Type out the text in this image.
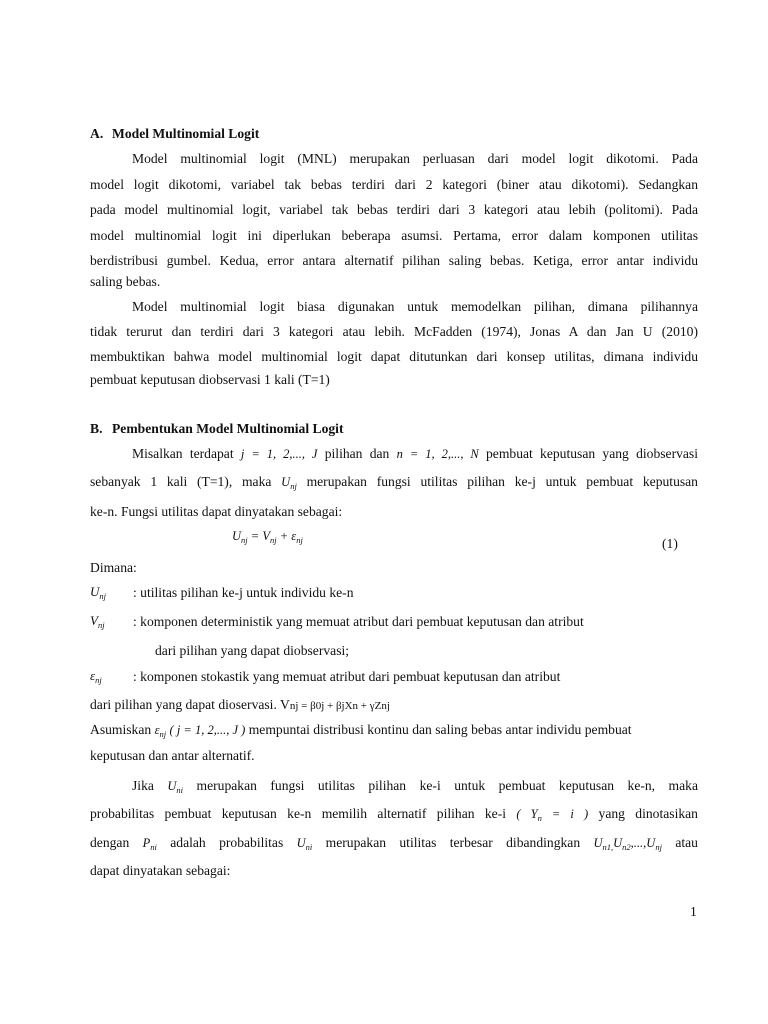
A. Model Multinomial Logit
Model multinomial logit (MNL) merupakan perluasan dari model logit dikotomi. Pada
model logit dikotomi, variabel tak bebas terdiri dari 2 kategori (biner atau dikotomi). Sedangkan
pada model multinomial logit, variabel tak bebas terdiri dari 3 kategori atau lebih (politomi). Pada
model multinomial logit ini diperlukan beberapa asumsi. Pertama, error dalam komponen utilitas
berdistribusi gumbel. Kedua, error antara alternatif pilihan saling bebas. Ketiga, error antar individu
saling bebas.
Model multinomial logit biasa digunakan untuk memodelkan pilihan, dimana pilihannya
tidak terurut dan terdiri dari 3 kategori atau lebih. McFadden (1974), Jonas A dan Jan U (2010)
membuktikan bahwa model multinomial logit dapat ditutunkan dari konsep utilitas, dimana individu
pembuat keputusan diobservasi 1 kali (T=1)
B. Pembentukan Model Multinomial Logit
Misalkan terdapat j = 1, 2,..., J pilihan dan n = 1, 2,..., N pembuat keputusan yang diobservasi
sebanyak 1 kali (T=1), maka $U_{nj}$ merupakan fungsi utilitas pilihan ke-j untuk pembuat keputusan
ke-n. Fungsi utilitas dapat dinyatakan sebagai:
$U_{nj} = V_{nj} + \varepsilon_{nj}$	(1)
Dimana:
$U_{nj}$ : utilitas pilihan ke-j untuk individu ke-n
$V_{nj}$ : komponen deterministik yang memuat atribut dari pembuat keputusan dan atribut
dari pilihan yang dapat diobservasi;
$\varepsilon_{nj}$ : komponen stokastik yang memuat atribut dari pembuat keputusan dan atribut
dari pilihan yang dapat dioservasi. Vnj = β0j + βjXn + γZnj
Asumiskan $\varepsilon_{nj}$ ( j = 1, 2,..., J ) mempuntai distribusi kontinu dan saling bebas antar individu pembuat
keputusan dan antar alternatif.
Jika $U_{ni}$ merupakan fungsi utilitas pilihan ke-i untuk pembuat keputusan ke-n, maka
probabilitas pembuat keputusan ke-n memilih alternatif pilihan ke-i ( $Y_n = i$ ) yang dinotasikan
dengan $P_{ni}$ adalah probabilitas $U_{ni}$ merupakan utilitas terbesar dibandingkan $U_{n1,}U_{n2},...,U_{nj}$ atau
dapat dinyatakan sebagai:
1
